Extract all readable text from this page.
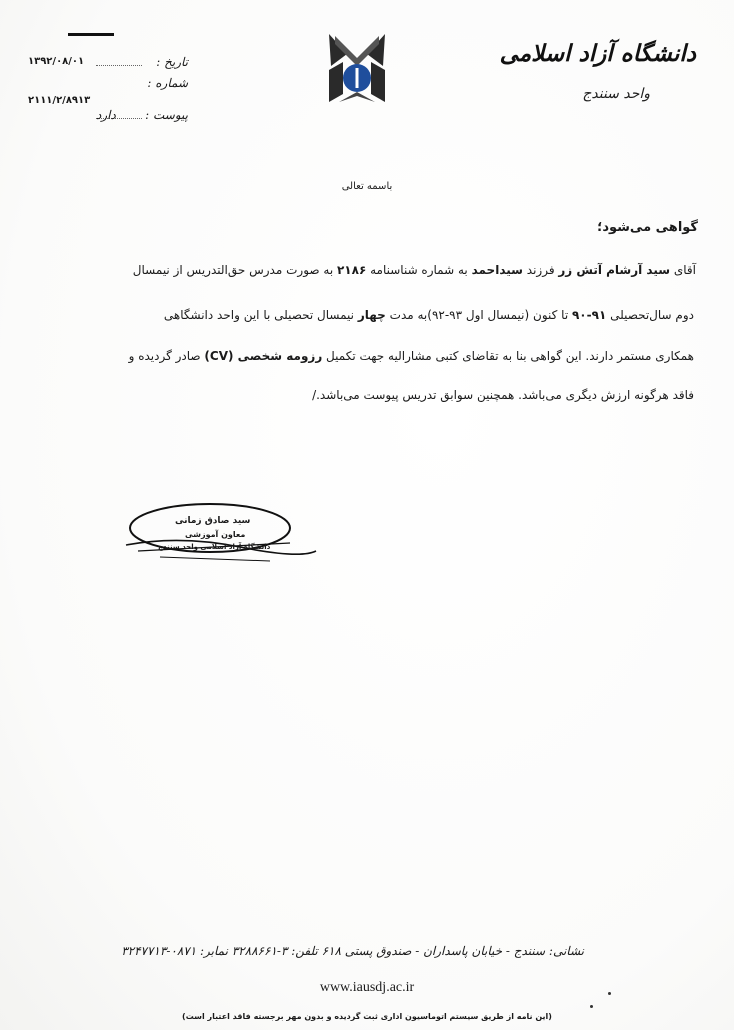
۱۳۹۲/۰۸/۰۱	تاریخ :
شماره :
۲۱۱۱/۲/۸۹۱۳
دارد پیوست :
دانشگاه آزاد اسلامی
واحد سنندج
باسمه تعالی
گواهی می‌شود؛
آقای سید آرشام آتش زر فرزند سیداحمد به شماره شناسنامه ۲۱۸۶ به صورت مدرس حق‌التدریس از نیمسال
دوم سال‌تحصیلی ۹۱-۹۰ تا کنون (نیمسال اول ۹۳-۹۲)به مدت چهار نیمسال تحصیلی با این واحد دانشگاهی
همکاری مستمر دارند. این گواهی بنا به تقاضای کتبی مشارالیه جهت تکمیل رزومه شخصی (CV) صادر گردیده و
فاقد هرگونه ارزش دیگری می‌باشد. همچنین سوابق تدریس پیوست می‌باشد./
سید صادق زمانی
معاون آموزشی
دانشگاه آزاد اسلامی واحد سنندج
نشانی: سنندج - خیابان پاسداران - صندوق پستی ۶۱۸ تلفن: ۳-۳۲۸۸۶۶۱ نمابر: ۰۸۷۱-۳۲۴۷۷۱۳
www.iausdj.ac.ir
(این نامه از طریق سیستم اتوماسیون اداری ثبت گردیده و بدون مهر برجسته فاقد اعتبار است)
